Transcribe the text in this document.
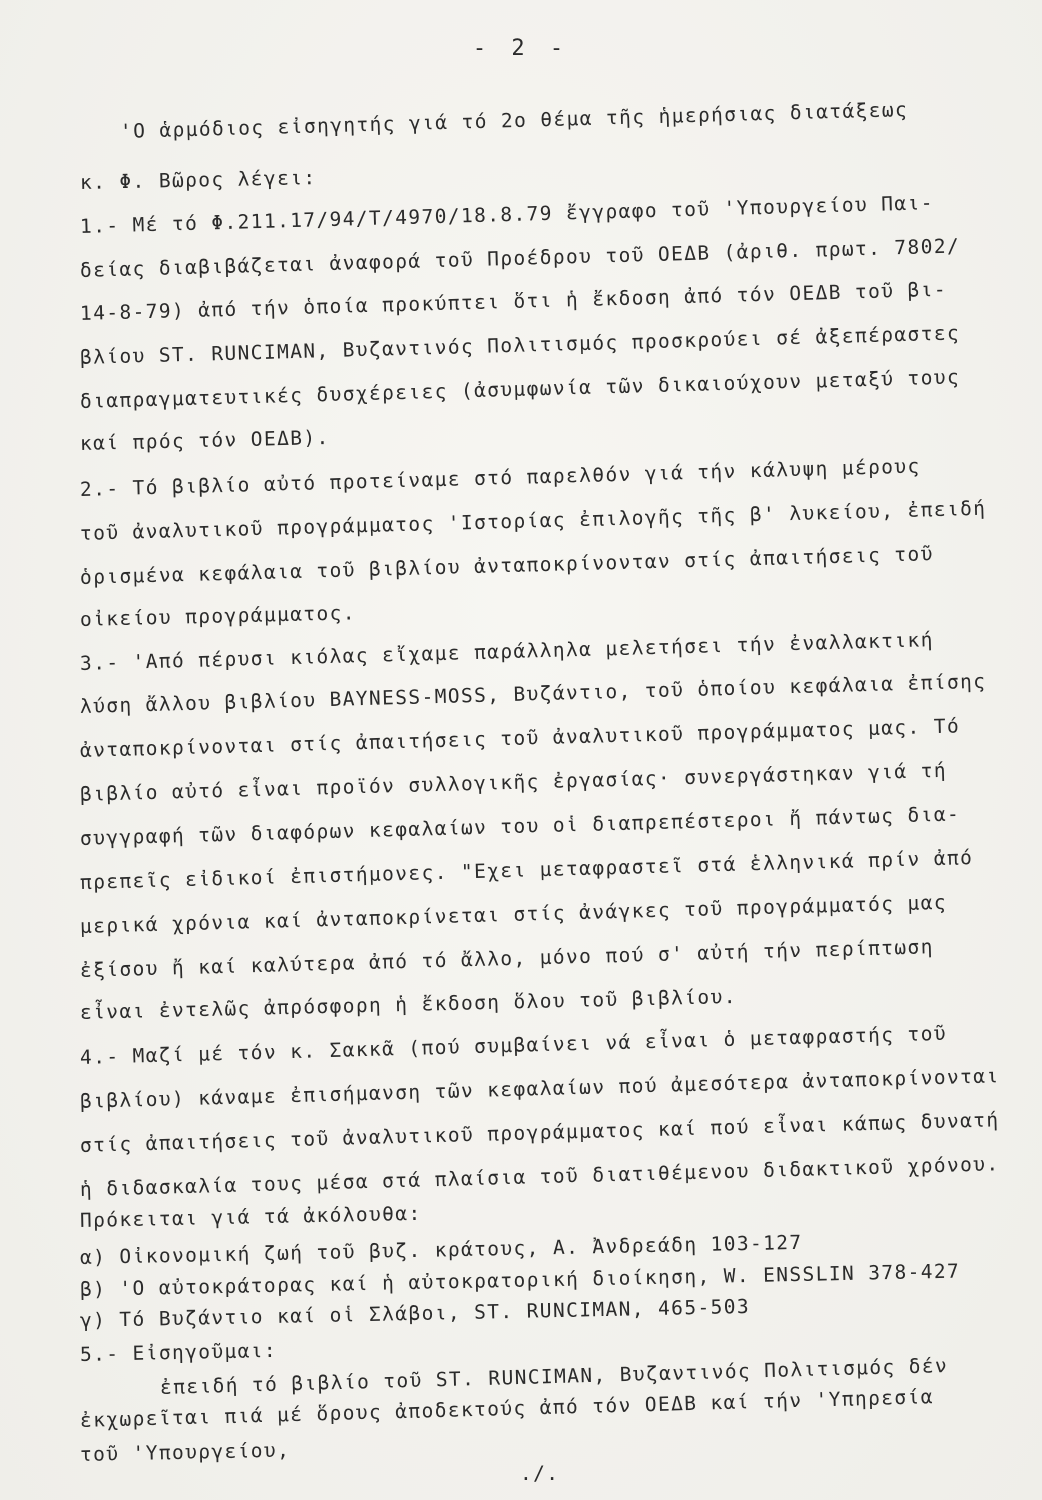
- 2 -
'Ο ἁρμόδιος εἰσηγητής γιά τό 2ο θέμα τῆς ἡμερήσιας διατάξεως
κ. Φ. Βῶρος λέγει:
1.- Μέ τό Φ.211.17/94/Τ/4970/18.8.79 ἔγγραφο τοῦ 'Υπουργείου Παι-
δείας διαβιβάζεται ἀναφορά τοῦ Προέδρου τοῦ ΟΕΔΒ (ἀριθ. πρωτ. 7802/
14-8-79) ἀπό τήν ὁποία προκύπτει ὅτι ἡ ἔκδοση ἀπό τόν ΟΕΔΒ τοῦ βι-
βλίου ST. RUNCIMAN, Βυζαντινός Πολιτισμός προσκρούει σέ ἀξεπέραστες
διαπραγματευτικές δυσχέρειες (ἀσυμφωνία τῶν δικαιούχουν μεταξύ τους
καί πρός τόν ΟΕΔΒ).
2.- Τό βιβλίο αὐτό προτείναμε στό παρελθόν γιά τήν κάλυψη μέρους
τοῦ ἀναλυτικοῦ προγράμματος 'Ιστορίας ἐπιλογῆς τῆς β' λυκείου, ἐπειδή
ὁρισμένα κεφάλαια τοῦ βιβλίου ἀνταποκρίνονταν στίς ἀπαιτήσεις τοῦ
οἰκείου προγράμματος.
3.- 'Από πέρυσι κιόλας εἴχαμε παράλληλα μελετήσει τήν ἐναλλακτική
λύση ἄλλου βιβλίου BAYNESS-MOSS, Βυζάντιο, τοῦ ὁποίου κεφάλαια ἐπίσης
ἀνταποκρίνονται στίς ἀπαιτήσεις τοῦ ἀναλυτικοῦ προγράμματος μας. Τό
βιβλίο αὐτό εἶναι προϊόν συλλογικῆς ἐργασίας· συνεργάστηκαν γιά τή
συγγραφή τῶν διαφόρων κεφαλαίων του οἱ διαπρεπέστεροι ἤ πάντως δια-
πρεπεῖς εἰδικοί ἐπιστήμονες. "Εχει μεταφραστεῖ στά ἑλληνικά πρίν ἀπό
μερικά χρόνια καί ἀνταποκρίνεται στίς ἀνάγκες τοῦ προγράμματός μας
ἐξίσου ἤ καί καλύτερα ἀπό τό ἄλλο, μόνο πού σ' αὐτή τήν περίπτωση
εἶναι ἐντελῶς ἀπρόσφορη ἡ ἔκδοση ὅλου τοῦ βιβλίου.
4.- Μαζί μέ τόν κ. Σακκᾶ (πού συμβαίνει νά εἶναι ὁ μεταφραστής τοῦ
βιβλίου) κάναμε ἐπισήμανση τῶν κεφαλαίων πού ἀμεσότερα ἀνταποκρίνονται
στίς ἀπαιτήσεις τοῦ ἀναλυτικοῦ προγράμματος καί πού εἶναι κάπως δυνατή
ἡ διδασκαλία τους μέσα στά πλαίσια τοῦ διατιθέμενου διδακτικοῦ χρόνου.
Πρόκειται γιά τά ἀκόλουθα:
α) Οἰκονομική ζωή τοῦ βυζ. κράτους, Α. Ἀνδρεάδη 103-127
β) 'Ο αὐτοκράτορας καί ἡ αὐτοκρατορική διοίκηση, W. ENSSLIN 378-427
γ) Τό Βυζάντιο καί οἱ Σλάβοι, ST. RUNCIMAN, 465-503
5.- Εἰσηγοῦμαι:
ἐπειδή τό βιβλίο τοῦ ST. RUNCIMAN, Βυζαντινός Πολιτισμός δέν
ἐκχωρεῖται πιά μέ ὅρους ἀποδεκτούς ἀπό τόν ΟΕΔΒ καί τήν 'Υπηρεσία
τοῦ 'Υπουργείου,
./.
